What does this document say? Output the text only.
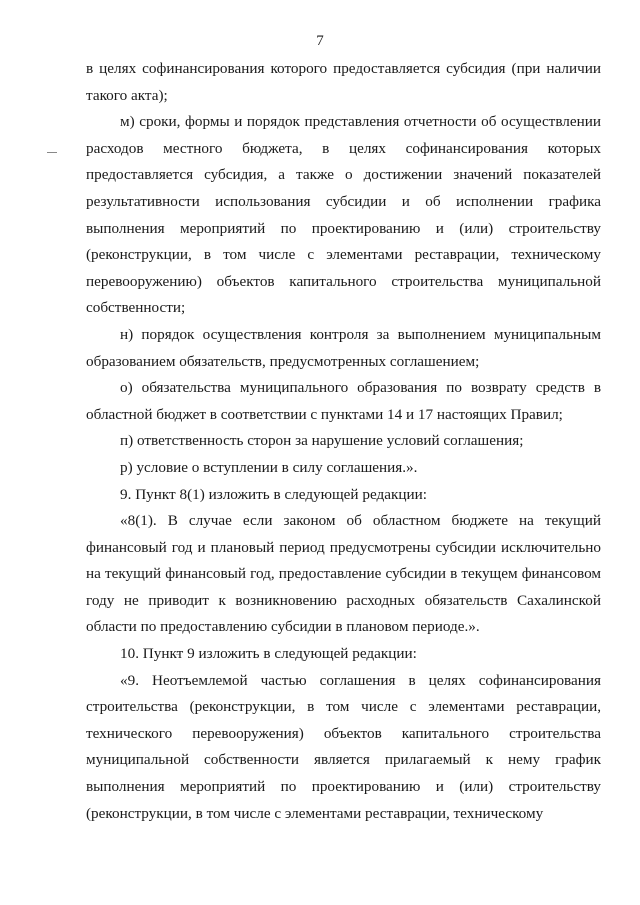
7

в целях софинансирования которого предоставляется субсидия (при наличии такого акта);

м) сроки, формы и порядок представления отчетности об осуществлении расходов местного бюджета, в целях софинансирования которых предоставляется субсидия, а также о достижении значений показателей результативности использования субсидии и об исполнении графика выполнения мероприятий по проектированию и (или) строительству (реконструкции, в том числе с элементами реставрации, техническому перевооружению) объектов капитального строительства муниципальной собственности;

н) порядок осуществления контроля за выполнением муниципальным образованием обязательств, предусмотренных соглашением;

о) обязательства муниципального образования по возврату средств в областной бюджет в соответствии с пунктами 14 и 17 настоящих Правил;

п) ответственность сторон за нарушение условий соглашения;

р) условие о вступлении в силу соглашения.».

9. Пункт 8(1) изложить в следующей редакции:

«8(1). В случае если законом об областном бюджете на текущий финансовый год и плановый период предусмотрены субсидии исключительно на текущий финансовый год, предоставление субсидии в текущем финансовом году не приводит к возникновению расходных обязательств Сахалинской области по предоставлению субсидии в плановом периоде.».

10. Пункт 9 изложить в следующей редакции:

«9. Неотъемлемой частью соглашения в целях софинансирования строительства (реконструкции, в том числе с элементами реставрации, технического перевооружения) объектов капитального строительства муниципальной собственности является прилагаемый к нему график выполнения мероприятий по проектированию и (или) строительству (реконструкции, в том числе с элементами реставрации, техническому
